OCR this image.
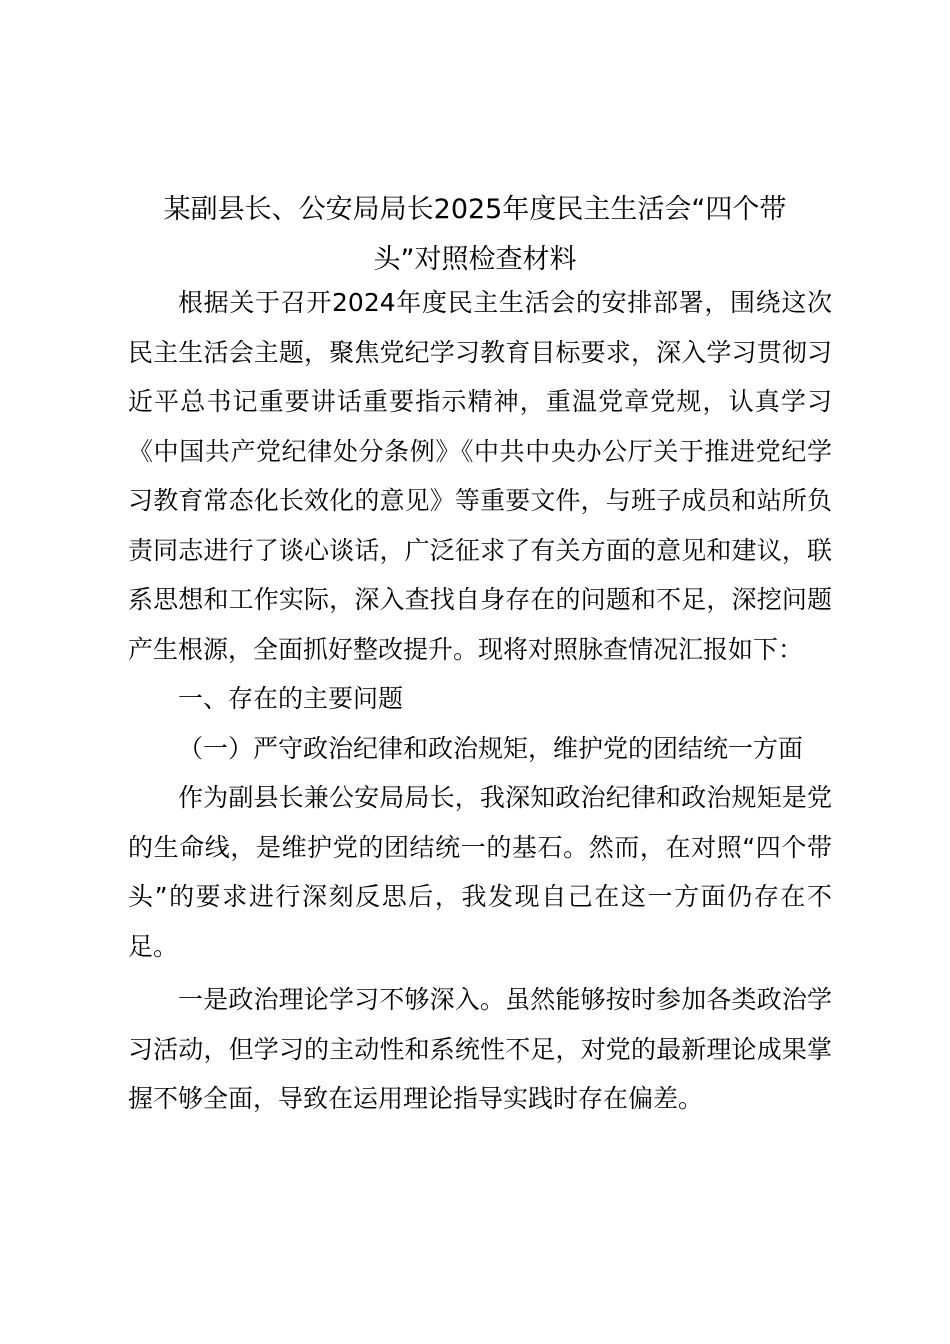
某副县长、公安局局长2025年度民主生活会“四个带
头”对照检查材料

根据关于召开2024年度民主生活会的安排部署，围绕这次民主生活会主题，聚焦党纪学习教育目标要求，深入学习贯彻习近平总书记重要讲话重要指示精神，重温党章党规，认真学习《中国共产党纪律处分条例》《中共中央办公厅关于推进党纪学习教育常态化长效化的意见》等重要文件，与班子成员和站所负责同志进行了谈心谈话，广泛征求了有关方面的意见和建议，联系思想和工作实际，深入查找自身存在的问题和不足，深挖问题产生根源，全面抓好整改提升。现将对照脉查情况汇报如下：

一、存在的主要问题

（一）严守政治纪律和政治规矩，维护党的团结统一方面

作为副县长兼公安局局长，我深知政治纪律和政治规矩是党的生命线，是维护党的团结统一的基石。然而，在对照“四个带头”的要求进行深刻反思后，我发现自己在这一方面仍存在不足。

一是政治理论学习不够深入。虽然能够按时参加各类政治学习活动，但学习的主动性和系统性不足，对党的最新理论成果掌握不够全面，导致在运用理论指导实践时存在偏差。
